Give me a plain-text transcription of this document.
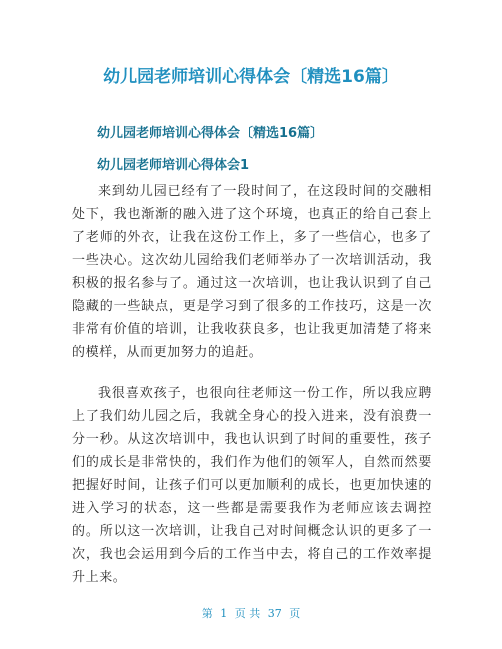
幼儿园老师培训心得体会〔精选16篇〕
幼儿园老师培训心得体会〔精选16篇〕
幼儿园老师培训心得体会1

来到幼儿园已经有了一段时间了，在这段时间的交融相处下，我也渐渐的融入进了这个环境，也真正的给自己套上了老师的外衣，让我在这份工作上，多了一些信心，也多了一些决心。这次幼儿园给我们老师举办了一次培训活动，我积极的报名参与了。通过这一次培训，也让我认识到了自己隐藏的一些缺点，更是学习到了很多的工作技巧，这是一次非常有价值的培训，让我收获良多，也让我更加清楚了将来的模样，从而更加努力的追赶。

我很喜欢孩子，也很向往老师这一份工作，所以我应聘上了我们幼儿园之后，我就全身心的投入进来，没有浪费一分一秒。从这次培训中，我也认识到了时间的重要性，孩子们的成长是非常快的，我们作为他们的领军人，自然而然要把握好时间，让孩子们可以更加顺利的成长，也更加快速的进入学习的状态，这一些都是需要我作为老师应该去调控的。所以这一次培训，让我自己对时间概念认识的更多了一次，我也会运用到今后的工作当中去，将自己的工作效率提升上来。

第 1 页 共 37 页
